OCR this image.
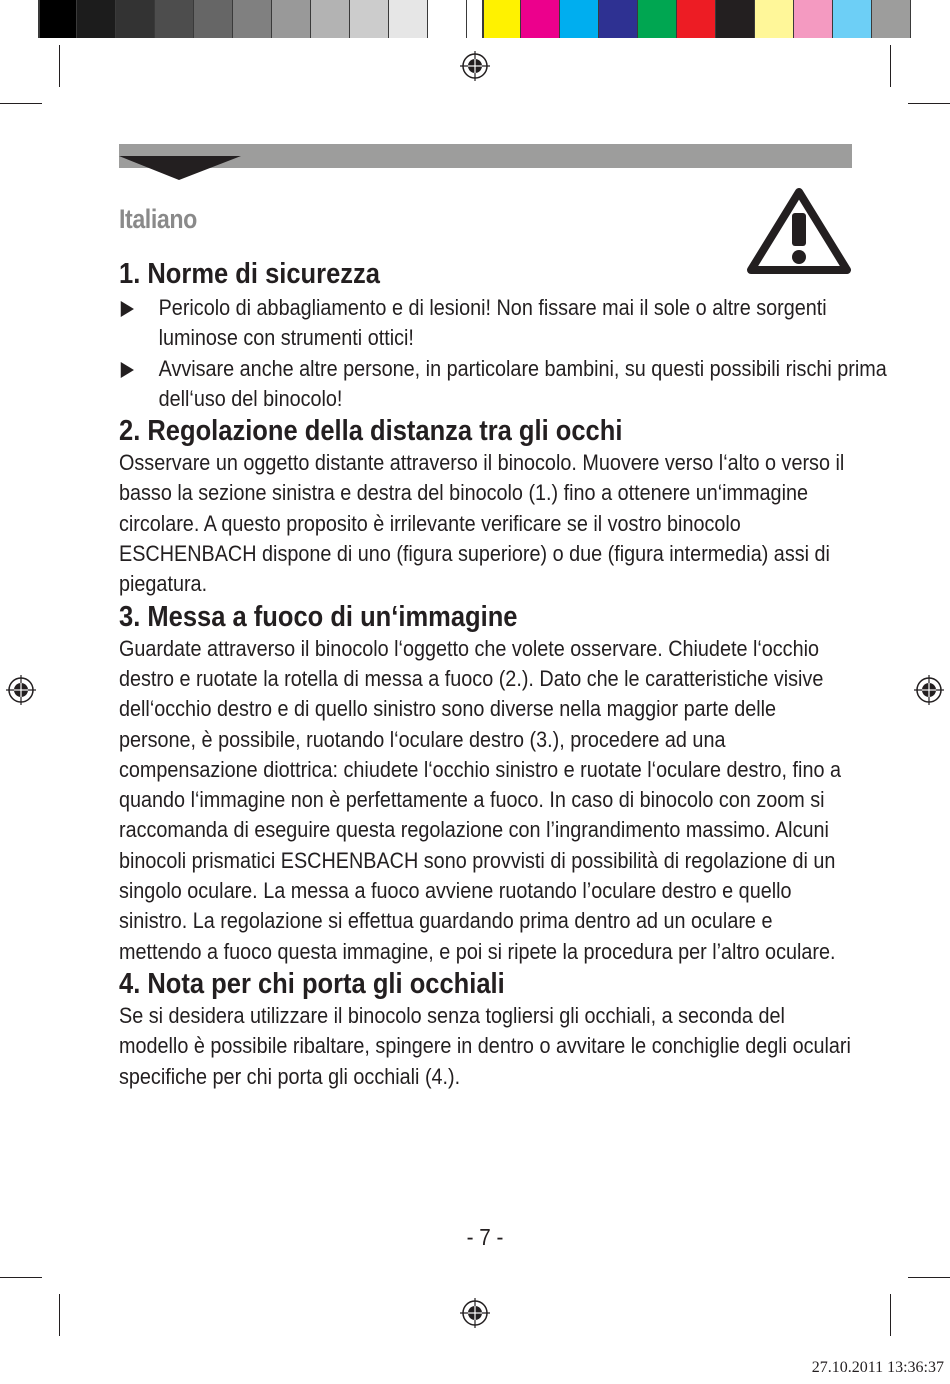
Italiano
1. Norme di sicurezza
Pericolo di abbagliamento e di lesioni! Non fissare mai il sole o altre sorgenti luminose con strumenti ottici!
Avvisare anche altre persone, in particolare bambini, su questi possibili rischi prima dell‘uso del binocolo!
2. Regolazione della distanza tra gli occhi

Osservare un oggetto distante attraverso il binocolo. Muovere verso l‘alto o verso il basso la sezione sinistra e destra del binocolo (1.) fino a ottenere un‘immagine circolare. A questo proposito è irrilevante verificare se il vostro binocolo ESCHENBACH dispone di uno (figura superiore) o due (figura intermedia) assi di piegatura.

3. Messa a fuoco di un‘immagine

Guardate attraverso il binocolo l‘oggetto che volete osservare. Chiudete l‘occhio destro e ruotate la rotella di messa a fuoco (2.). Dato che le caratteristiche visive dell‘occhio destro e di quello sinistro sono diverse nella maggior parte delle persone, è possibile, ruotando l‘oculare destro (3.), procedere ad una compensazione diottrica: chiudete l‘occhio sinistro e ruotate l‘oculare destro, fino a quando l‘immagine non è perfettamente a fuoco. In caso di binocolo con zoom si raccomanda di eseguire questa regolazione con l’ingrandimento massimo. Alcuni binocoli prismatici ESCHENBACH sono provvisti di possibilità di regolazione di un singolo oculare. La messa a fuoco avviene ruotando l’oculare destro e quello sinistro. La regolazione si effettua guardando prima dentro ad un oculare e mettendo a fuoco questa immagine, e poi si ripete la procedura per l’altro oculare.

4. Nota per chi porta gli occhiali

Se si desidera utilizzare il binocolo senza togliersi gli occhiali, a seconda del modello è possibile ribaltare, spingere in dentro o avvitare le conchiglie degli oculari specifiche per chi porta gli occhiali (4.).

- 7 -
27.10.2011 13:36:37
